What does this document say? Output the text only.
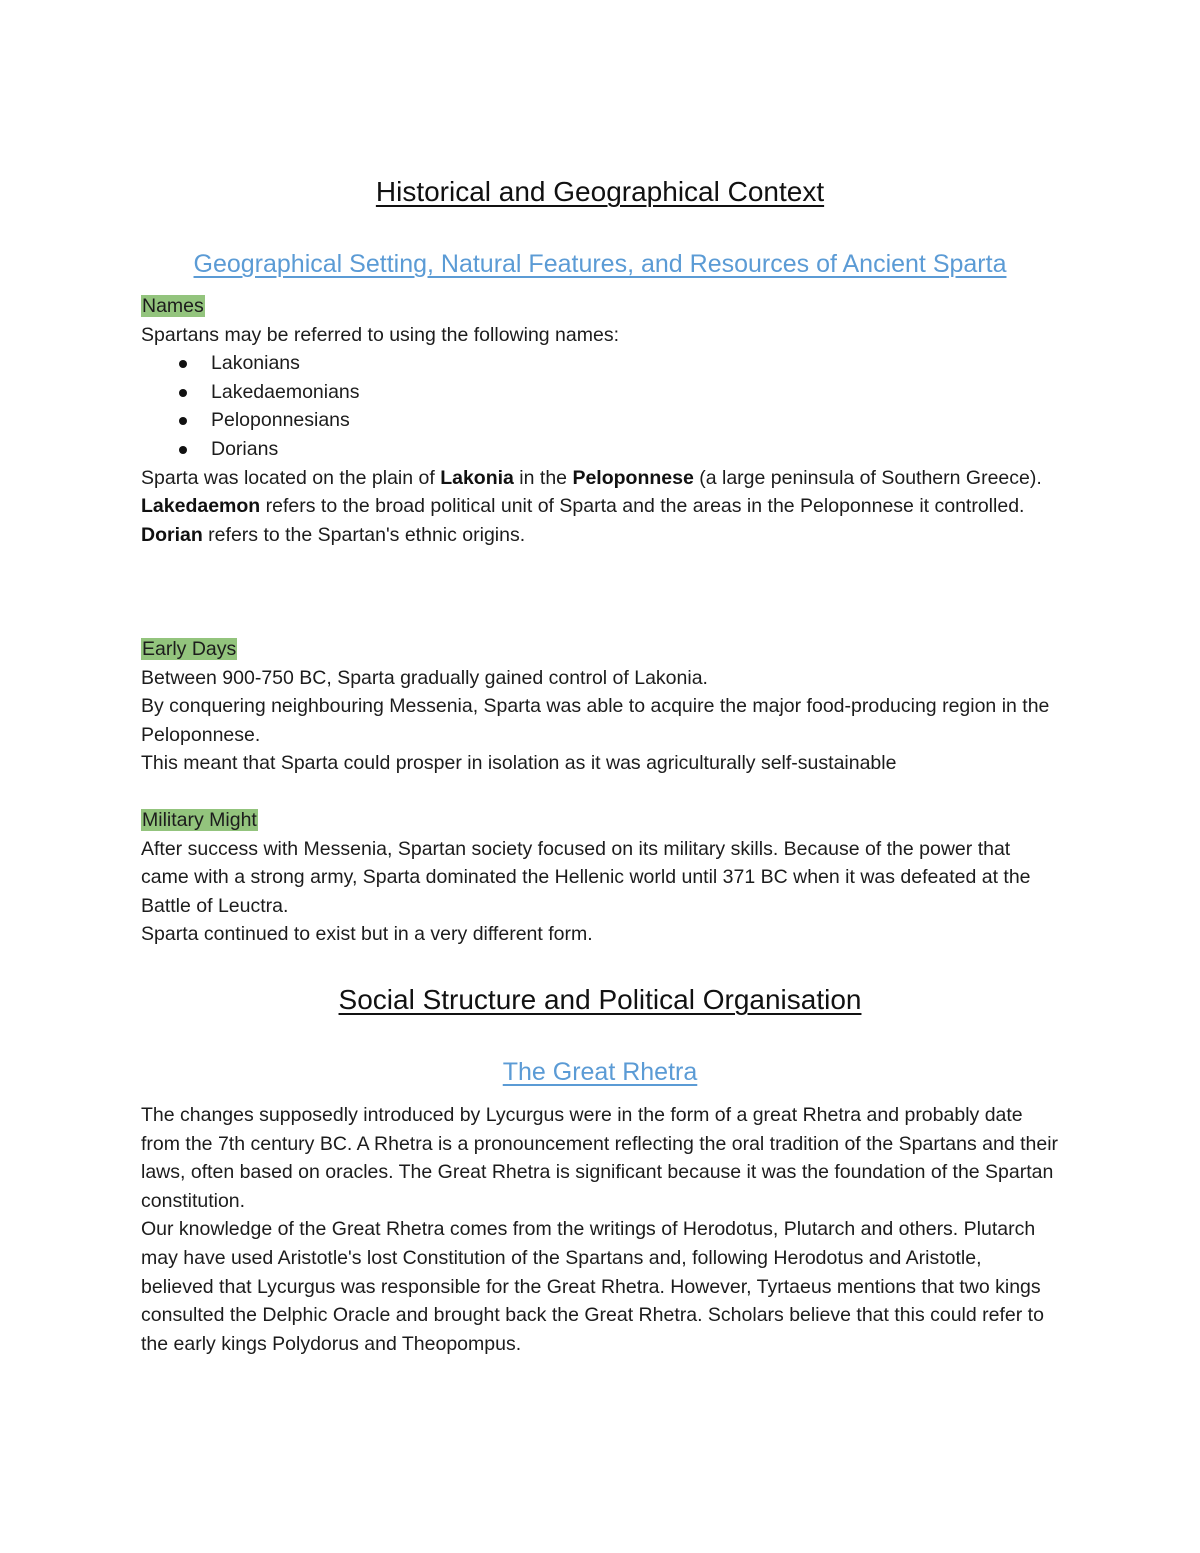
Historical and Geographical Context
Geographical Setting, Natural Features, and Resources of Ancient Sparta

Names

Spartans may be referred to using the following names:

Lakonians
Lakedaemonians
Peloponnesians
Dorians

Sparta was located on the plain of Lakonia in the Peloponnese (a large peninsula of Southern Greece).

Lakedaemon refers to the broad political unit of Sparta and the areas in the Peloponnese it controlled.

Dorian refers to the Spartan's ethnic origins.

Early Days

Between 900-750 BC, Sparta gradually gained control of Lakonia.

By conquering neighbouring Messenia, Sparta was able to acquire the major food-producing region in the Peloponnese.

This meant that Sparta could prosper in isolation as it was agriculturally self-sustainable

Military Might

After success with Messenia, Spartan society focused on its military skills. Because of the power that came with a strong army, Sparta dominated the Hellenic world until 371 BC when it was defeated at the Battle of Leuctra.

Sparta continued to exist but in a very different form.

Social Structure and Political Organisation
The Great Rhetra

The changes supposedly introduced by Lycurgus were in the form of a great Rhetra and probably date from the 7th century BC. A Rhetra is a pronouncement reflecting the oral tradition of the Spartans and their laws, often based on oracles. The Great Rhetra is significant because it was the foundation of the Spartan constitution.

Our knowledge of the Great Rhetra comes from the writings of Herodotus, Plutarch and others. Plutarch may have used Aristotle's lost Constitution of the Spartans and, following Herodotus and Aristotle, believed that Lycurgus was responsible for the Great Rhetra. However, Tyrtaeus mentions that two kings consulted the Delphic Oracle and brought back the Great Rhetra. Scholars believe that this could refer to the early kings Polydorus and Theopompus.
